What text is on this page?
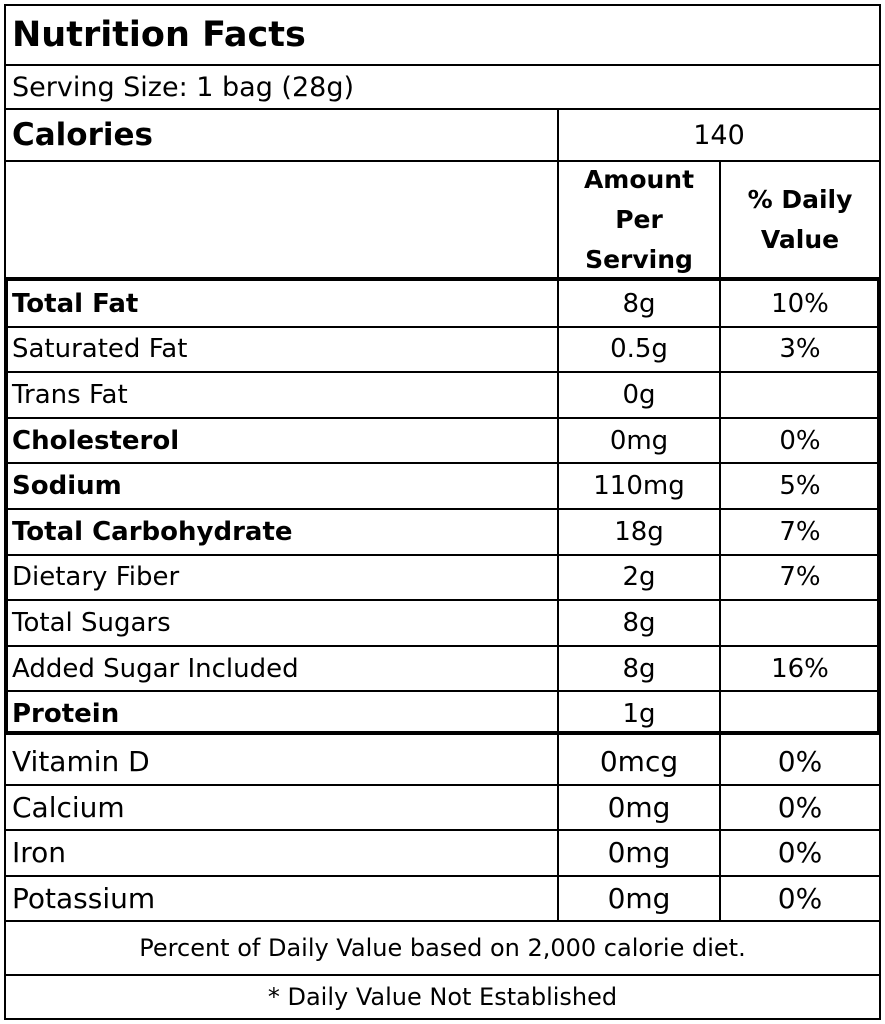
Nutrition Facts
Serving Size: 1 bag (28g)
Calories	140
Amount Per Serving
% Daily Value
Total Fat	8g	10%
Saturated Fat	0.5g	3%
Trans Fat	0g
Cholesterol	0mg	0%
Sodium	110mg	5%
Total Carbohydrate	18g	7%
Dietary Fiber	2g	7%
Total Sugars	8g
Added Sugar Included	8g	16%
Protein	1g
Vitamin D	0mcg	0%
Calcium	0mg	0%
Iron	0mg	0%
Potassium	0mg	0%
Percent of Daily Value based on 2,000 calorie diet.
* Daily Value Not Established
